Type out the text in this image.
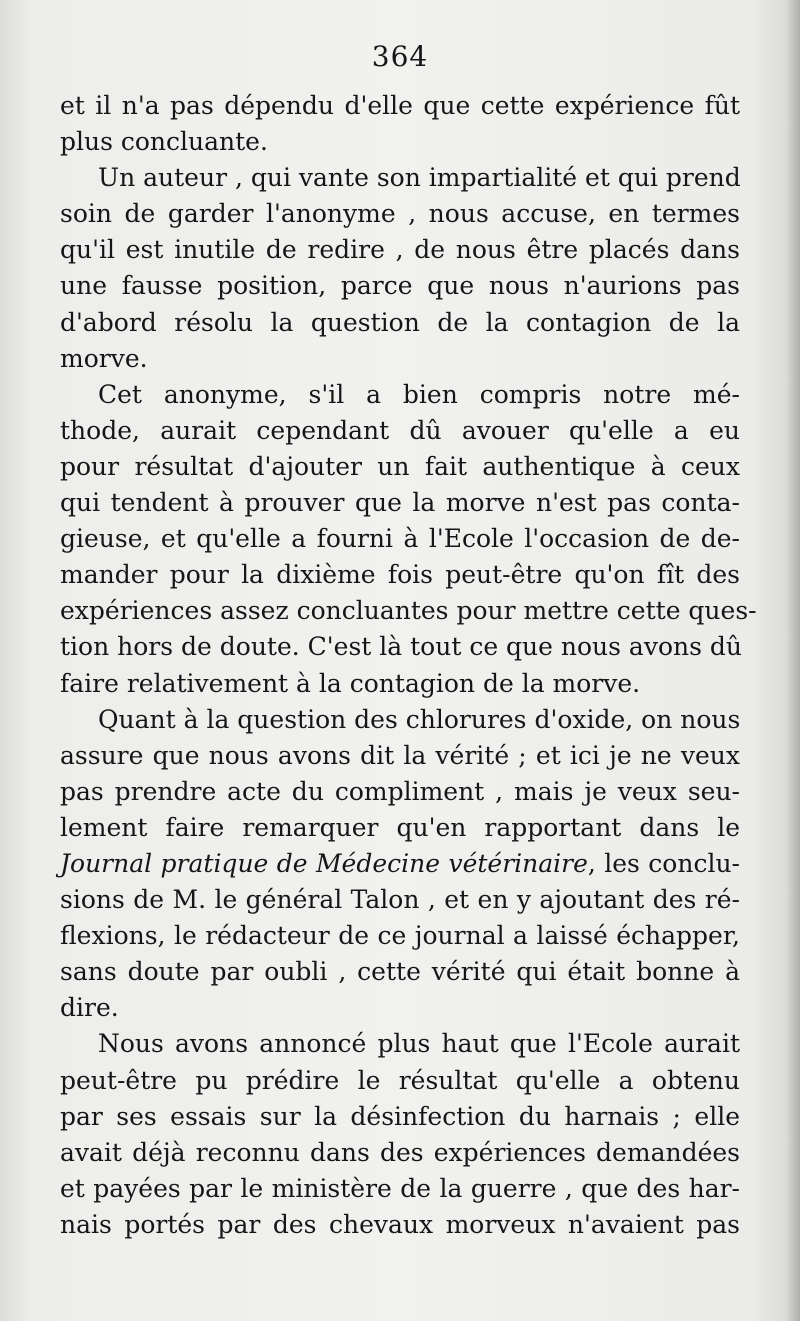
364
et il n'a pas dépendu d'elle que cette expérience fût
plus concluante.
Un auteur , qui vante son impartialité et qui prend
soin de garder l'anonyme , nous accuse, en termes
qu'il est inutile de redire , de nous être placés dans
une fausse position, parce que nous n'aurions pas
d'abord résolu la question de la contagion de la
morve.
Cet anonyme, s'il a bien compris notre mé-
thode, aurait cependant dû avouer qu'elle a eu
pour résultat d'ajouter un fait authentique à ceux
qui tendent à prouver que la morve n'est pas conta-
gieuse, et qu'elle a fourni à l'Ecole l'occasion de de-
mander pour la dixième fois peut-être qu'on fît des
expériences assez concluantes pour mettre cette ques-
tion hors de doute. C'est là tout ce que nous avons dû
faire relativement à la contagion de la morve.
Quant à la question des chlorures d'oxide, on nous
assure que nous avons dit la vérité ; et ici je ne veux
pas prendre acte du compliment , mais je veux seu-
lement faire remarquer qu'en rapportant dans le
Journal pratique de Médecine vétérinaire, les conclu-
sions de M. le général Talon , et en y ajoutant des ré-
flexions, le rédacteur de ce journal a laissé échapper,
sans doute par oubli , cette vérité qui était bonne à
dire.
Nous avons annoncé plus haut que l'Ecole aurait
peut-être pu prédire le résultat qu'elle a obtenu
par ses essais sur la désinfection du harnais ; elle
avait déjà reconnu dans des expériences demandées
et payées par le ministère de la guerre , que des har-
nais portés par des chevaux morveux n'avaient pas
